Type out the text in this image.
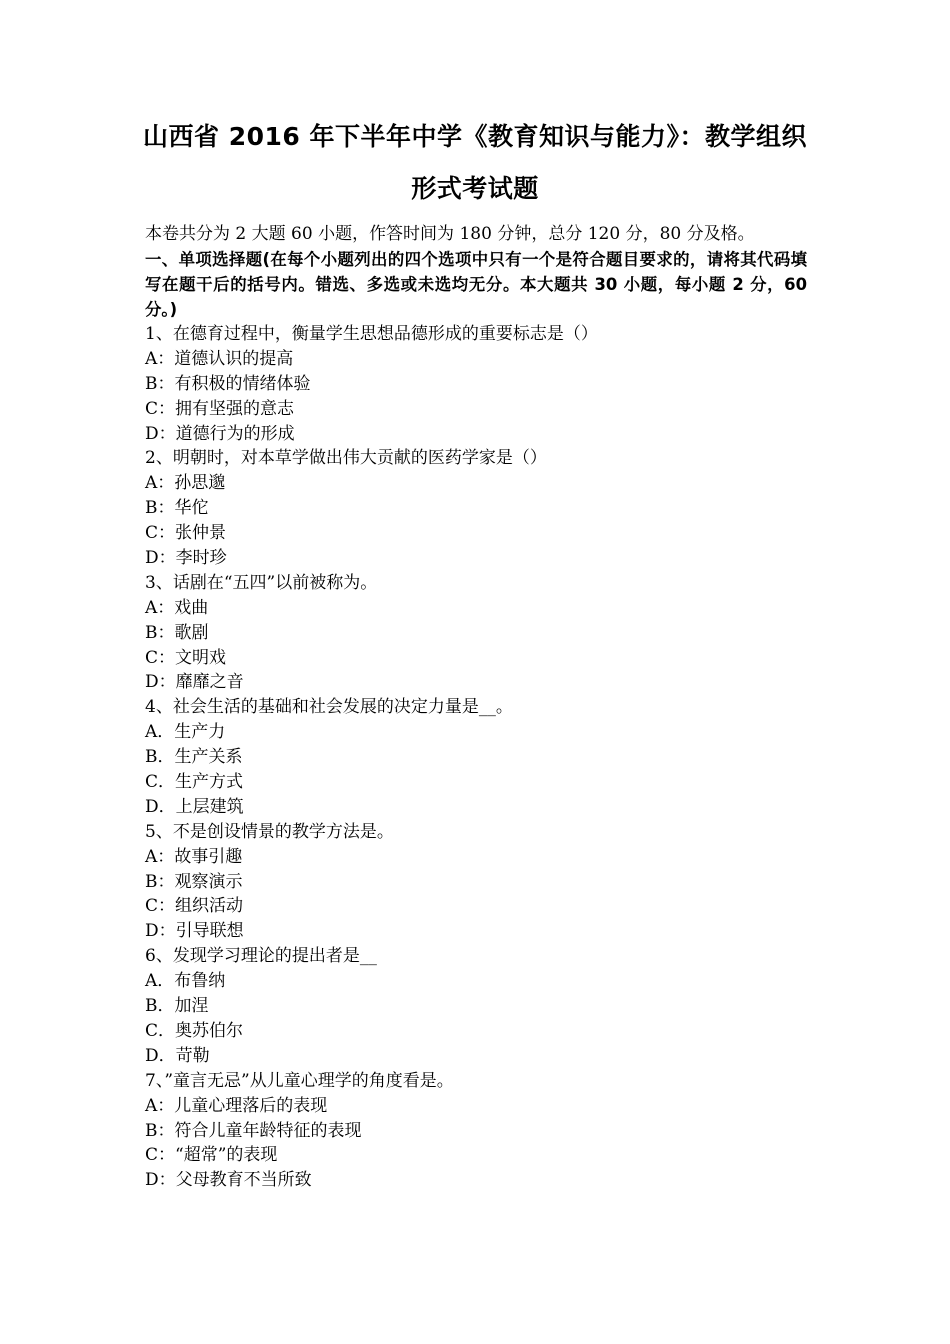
山西省 2016 年下半年中学《教育知识与能力》：教学组织
形式考试题
本卷共分为 2 大题 60 小题，作答时间为 180 分钟，总分 120 分，80 分及格。
一、单项选择题(在每个小题列出的四个选项中只有一个是符合题目要求的，请将其代码填写在题干后的括号内。错选、多选或未选均无分。本大题共 30 小题，每小题 2 分，60 分。)
1、在德育过程中，衡量学生思想品德形成的重要标志是（）
A：道德认识的提高
B：有积极的情绪体验
C：拥有坚强的意志
D：道德行为的形成
2、明朝时，对本草学做出伟大贡献的医药学家是（）
A：孙思邈
B：华佗
C：张仲景
D：李时珍
3、话剧在“五四”以前被称为。
A：戏曲
B：歌剧
C：文明戏
D：靡靡之音
4、社会生活的基础和社会发展的决定力量是__。
A．生产力
B．生产关系
C．生产方式
D．上层建筑
5、不是创设情景的教学方法是。
A：故事引趣
B：观察演示
C：组织活动
D：引导联想
6、发现学习理论的提出者是__
A．布鲁纳
B．加涅
C．奥苏伯尔
D．苛勒
7、”童言无忌”从儿童心理学的角度看是。
A：儿童心理落后的表现
B：符合儿童年龄特征的表现
C：“超常”的表现
D：父母教育不当所致
